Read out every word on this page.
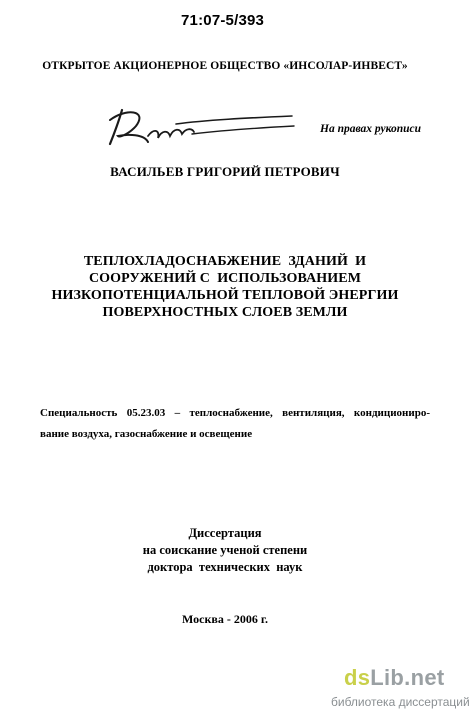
71:07-5/393
ОТКРЫТОЕ АКЦИОНЕРНОЕ ОБЩЕСТВО «ИНСОЛАР-ИНВЕСТ»
На правах рукописи
ВАСИЛЬЕВ ГРИГОРИЙ ПЕТРОВИЧ
ТЕПЛОХЛАДОСНАБЖЕНИЕ  ЗДАНИЙ  И
СООРУЖЕНИЙ С  ИСПОЛЬЗОВАНИЕМ
НИЗКОПОТЕНЦИАЛЬНОЙ ТЕПЛОВОЙ ЭНЕРГИИ
ПОВЕРХНОСТНЫХ СЛОЕВ ЗЕМЛИ
Специальность 05.23.03 – теплоснабжение, вентиляция, кондициониро-
вание воздуха, газоснабжение и освещение
Диссертация
на соискание ученой степени
доктора  технических  наук
Москва - 2006 г.
dsLib.net
библиотека диссертаций
